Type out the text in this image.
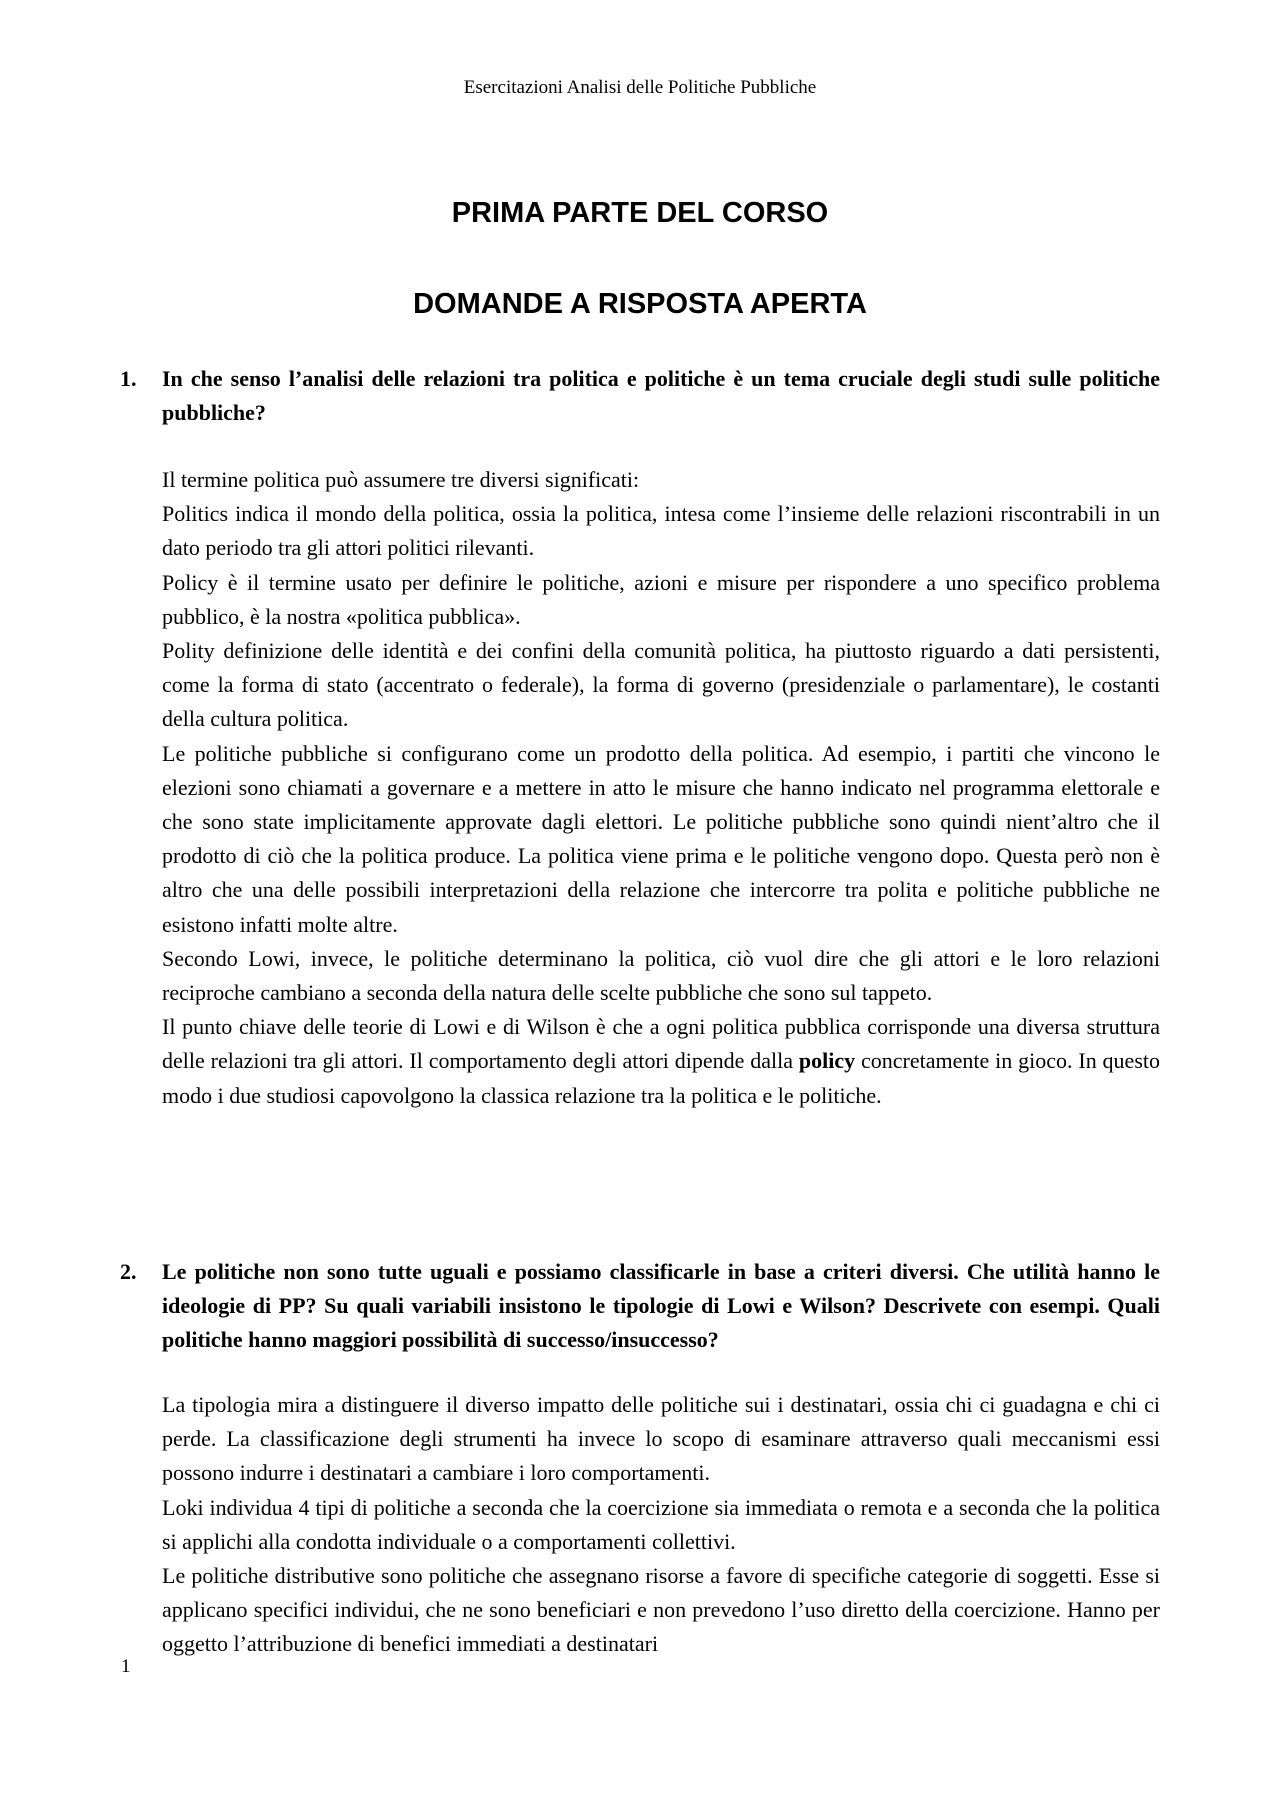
Esercitazioni Analisi delle Politiche Pubbliche
PRIMA PARTE DEL CORSO
DOMANDE A RISPOSTA APERTA
1.	In che senso l’analisi delle relazioni tra politica e politiche è un tema cruciale degli studi sulle politiche pubbliche?

Il termine politica può assumere tre diversi significati:

Politics indica il mondo della politica, ossia la politica, intesa come l’insieme delle relazioni riscontrabili in un dato periodo tra gli attori politici rilevanti.

Policy è il termine usato per definire le politiche, azioni e misure per rispondere a uno specifico problema pubblico, è la nostra «politica pubblica».

Polity definizione delle identità e dei confini della comunità politica, ha piuttosto riguardo a dati persistenti, come la forma di stato (accentrato o federale), la forma di governo (presidenziale o parlamentare), le costanti della cultura politica.

Le politiche pubbliche si configurano come un prodotto della politica. Ad esempio, i partiti che vincono le elezioni sono chiamati a governare e a mettere in atto le misure che hanno indicato nel programma elettorale e che sono state implicitamente approvate dagli elettori. Le politiche pubbliche sono quindi nient’altro che il prodotto di ciò che la politica produce. La politica viene prima e le politiche vengono dopo. Questa però non è altro che una delle possibili interpretazioni della relazione che intercorre tra polita e politiche pubbliche ne esistono infatti molte altre.

Secondo Lowi, invece, le politiche determinano la politica, ciò vuol dire che gli attori e le loro relazioni reciproche cambiano a seconda della natura delle scelte pubbliche che sono sul tappeto.

Il punto chiave delle teorie di Lowi e di Wilson è che a ogni politica pubblica corrisponde una diversa struttura delle relazioni tra gli attori. Il comportamento degli attori dipende dalla policy concretamente in gioco. In questo modo i due studiosi capovolgono la classica relazione tra la politica e le politiche.

2.	Le politiche non sono tutte uguali e possiamo classificarle in base a criteri diversi. Che utilità hanno le ideologie di PP? Su quali variabili insistono le tipologie di Lowi e Wilson? Descrivete con esempi. Quali politiche hanno maggiori possibilità di successo/insuccesso?

La tipologia mira a distinguere il diverso impatto delle politiche sui i destinatari, ossia chi ci guadagna e chi ci perde. La classificazione degli strumenti ha invece lo scopo di esaminare attraverso quali meccanismi essi possono indurre i destinatari a cambiare i loro comportamenti.

Loki individua 4 tipi di politiche a seconda che la coercizione sia immediata o remota e a seconda che la politica si applichi alla condotta individuale o a comportamenti collettivi.

Le politiche distributive sono politiche che assegnano risorse a favore di specifiche categorie di soggetti. Esse si applicano specifici individui, che ne sono beneficiari e non prevedono l’uso diretto della coercizione. Hanno per oggetto l’attribuzione di benefici immediati a destinatari

1
